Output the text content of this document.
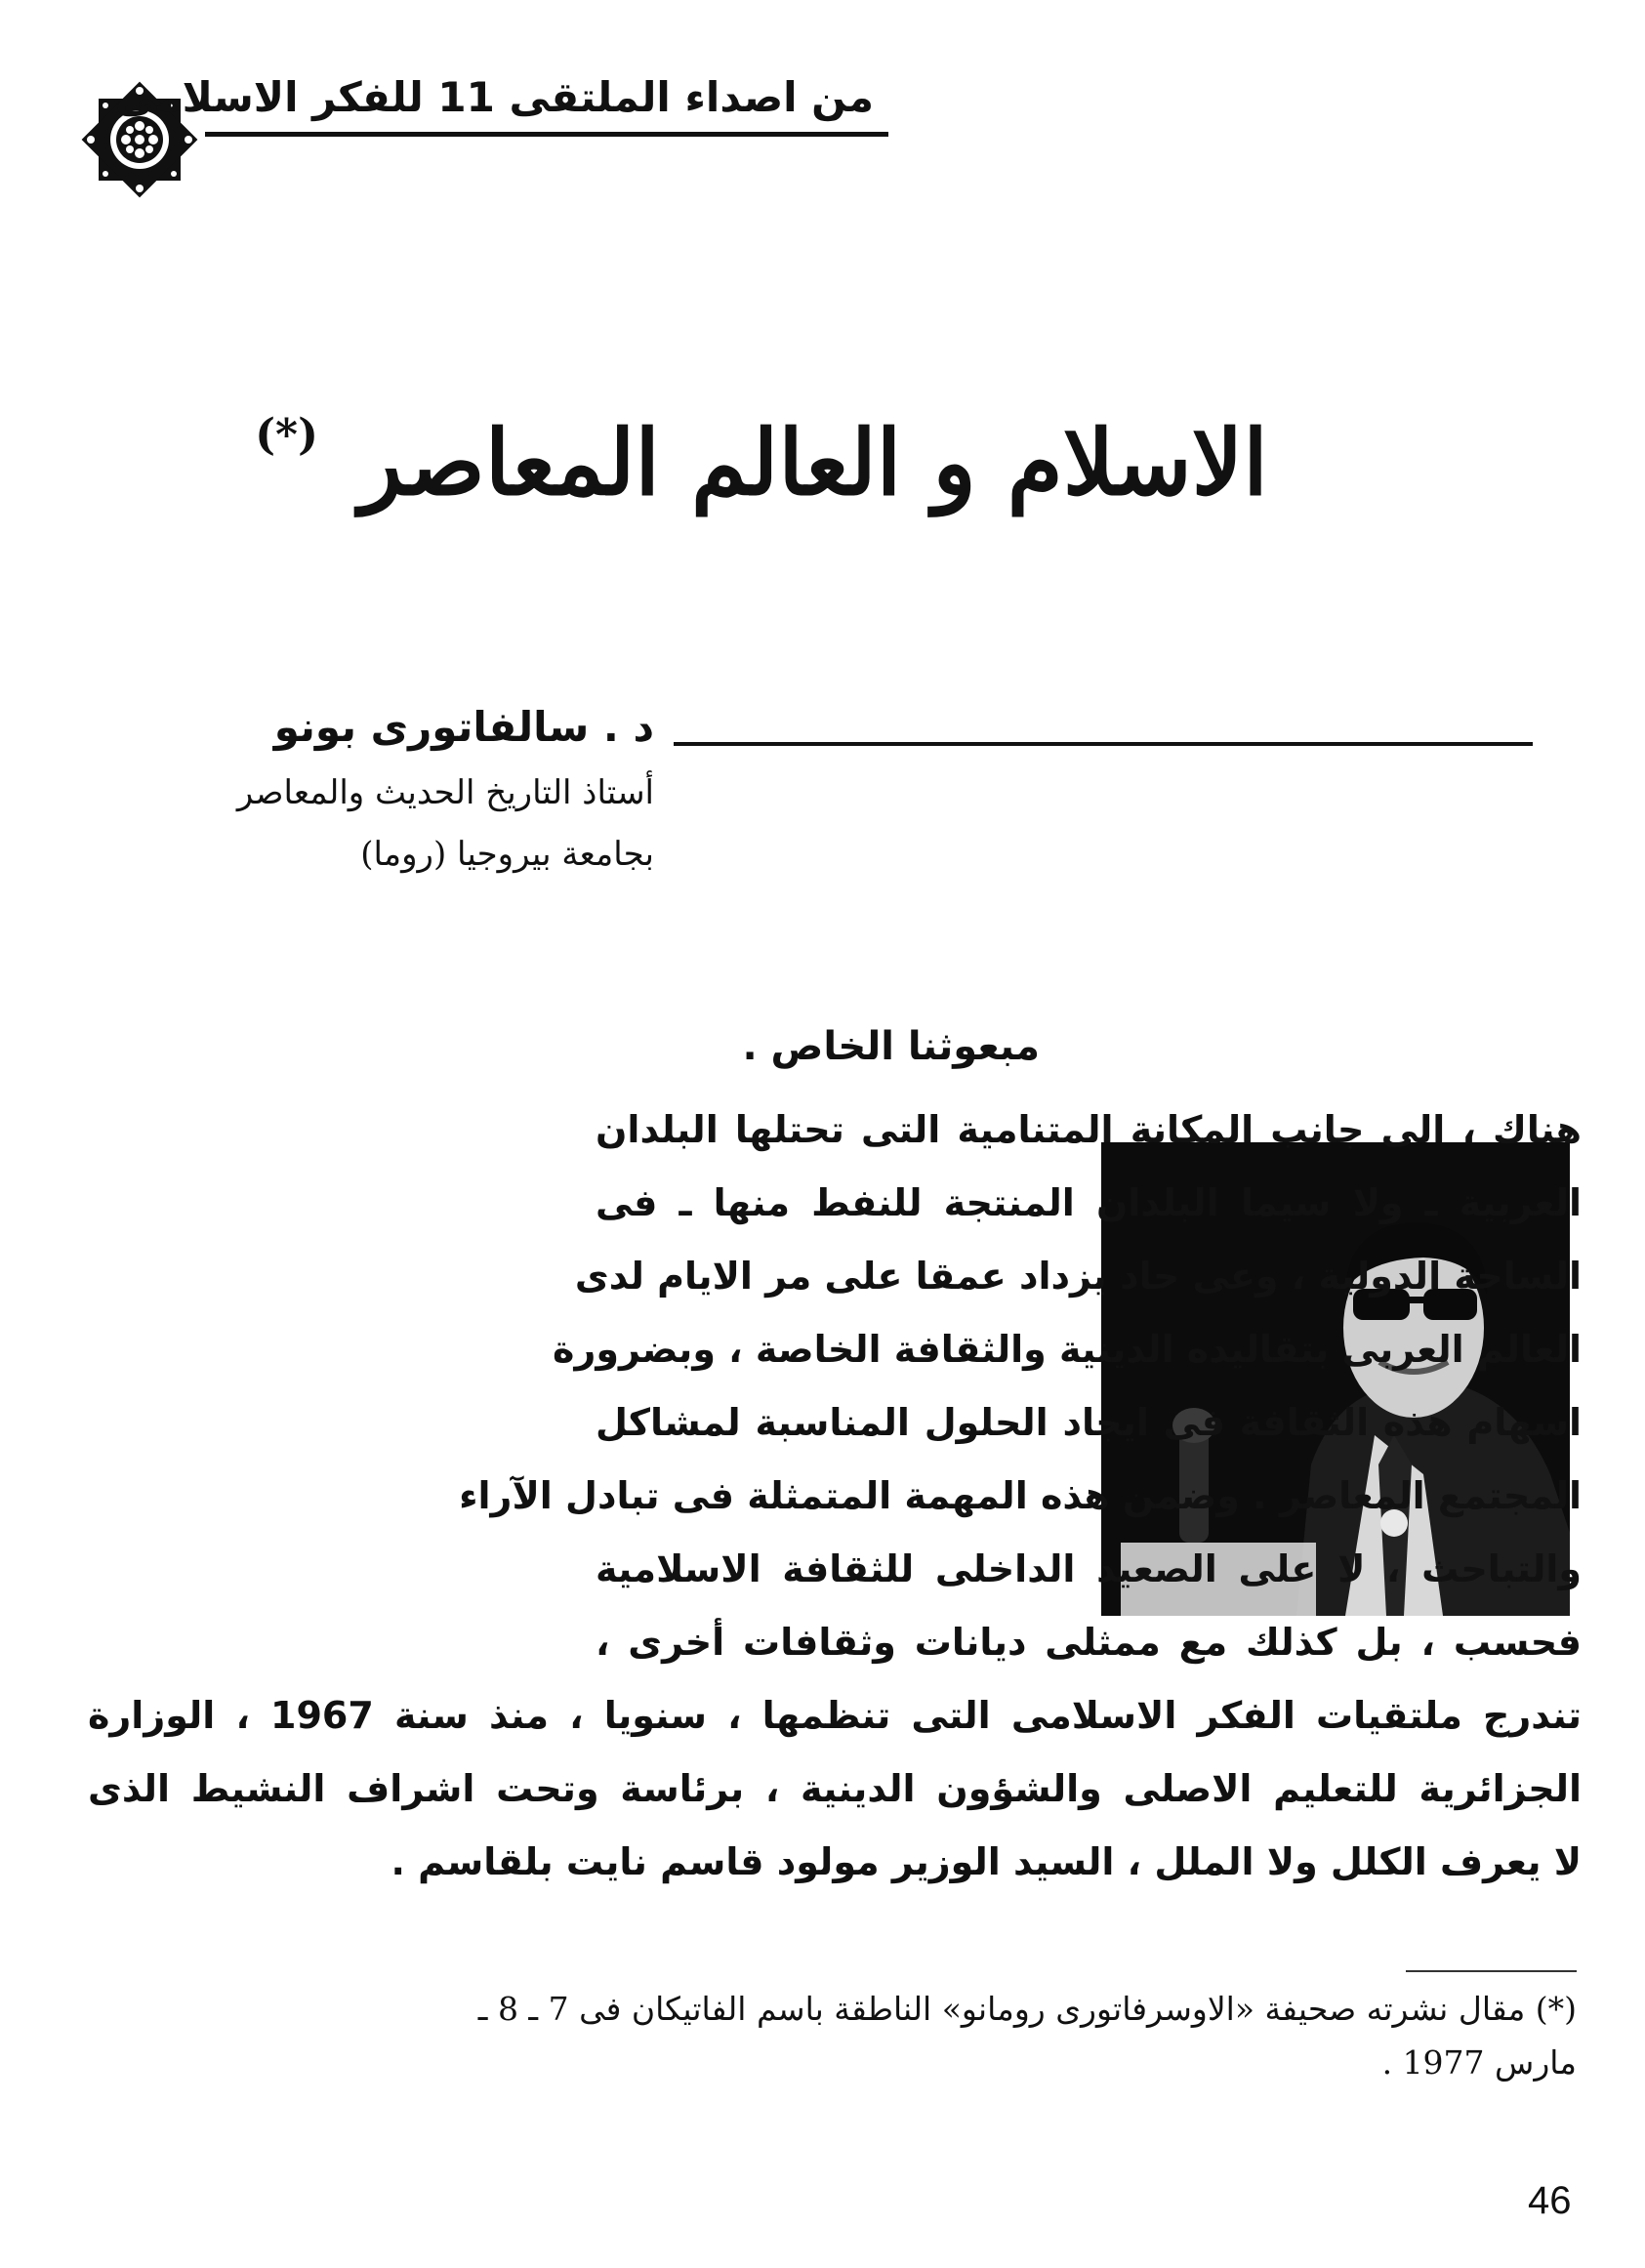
من اصداء الملتقى 11 للفكر الاسلامى
الاسلام و العالم المعاصر (*)
د . سالفاتورى بونو
أستاذ التاريخ الحديث والمعاصر
بجامعة بيروجيا (روما)
مبعوثنا الخاص .
هناك ، الى جانب المكانة المتنامية التى تحتلها البلدان
العربية ـ ولا سيما البلدان المنتجة للنفط منها ـ فى
الساحة الدولية ، وعى حاد يزداد عمقا على مر الايام لدى
العالم العربى بتقاليده الدينية والثقافة الخاصة ، وبضرورة
اسهام هذه الثقافة فى ايجاد الحلول المناسبة لمشاكل
المجتمع المعاصر . وضمن هذه المهمة المتمثلة فى تبادل الآراء
والتباحث ، لا على الصعيد الداخلى للثقافة الاسلامية
فحسب ، بل كذلك مع ممثلى ديانات وثقافات أخرى ،
تندرج ملتقيات الفكر الاسلامى التى تنظمها ، سنويا ، منذ سنة 1967 ، الوزارة
الجزائرية للتعليم الاصلى والشؤون الدينية ، برئاسة وتحت اشراف النشيط الذى
لا يعرف الكلل ولا الملل ، السيد الوزير مولود قاسم نايت بلقاسم .
(*) مقال نشرته صحيفة «الاوسرفاتورى رومانو» الناطقة باسم الفاتيكان فى 7 ـ 8 ـ
مارس 1977 .
46
